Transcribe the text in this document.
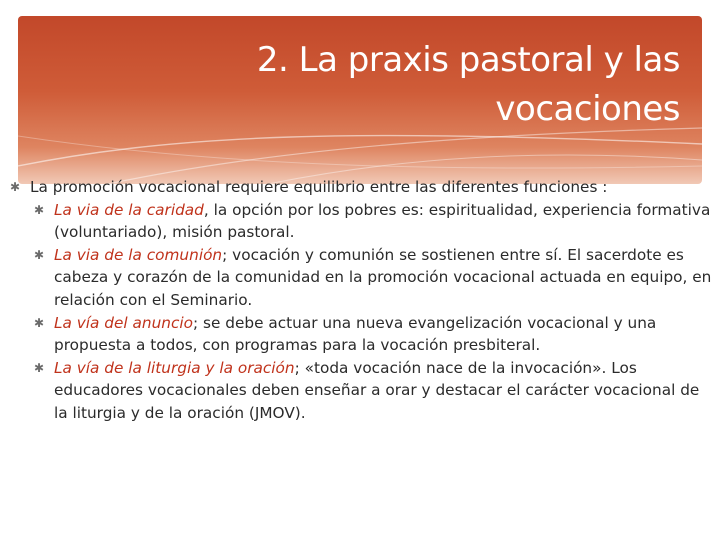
2. La praxis pastoral y las
vocaciones
✱ La promoción vocacional requiere equilibrio entre las diferentes funciones :
✱ La via de la caridad, la opción por los pobres es: espiritualidad, experiencia formativa (voluntariado), misión pastoral.
✱ La via de la comunión; vocación y comunión se sostienen entre sí. El sacerdote es cabeza y corazón de la comunidad en la promoción vocacional actuada en equipo, en relación con el Seminario.
✱ La vía del anuncio; se debe actuar una nueva evangelización vocacional y una propuesta a todos, con programas para la vocación presbiteral.
✱ La vía de la liturgia y la oración; «toda vocación nace de la invocación». Los educadores vocacionales deben enseñar a orar y destacar el carácter vocacional de la liturgia y de la oración (JMOV).
